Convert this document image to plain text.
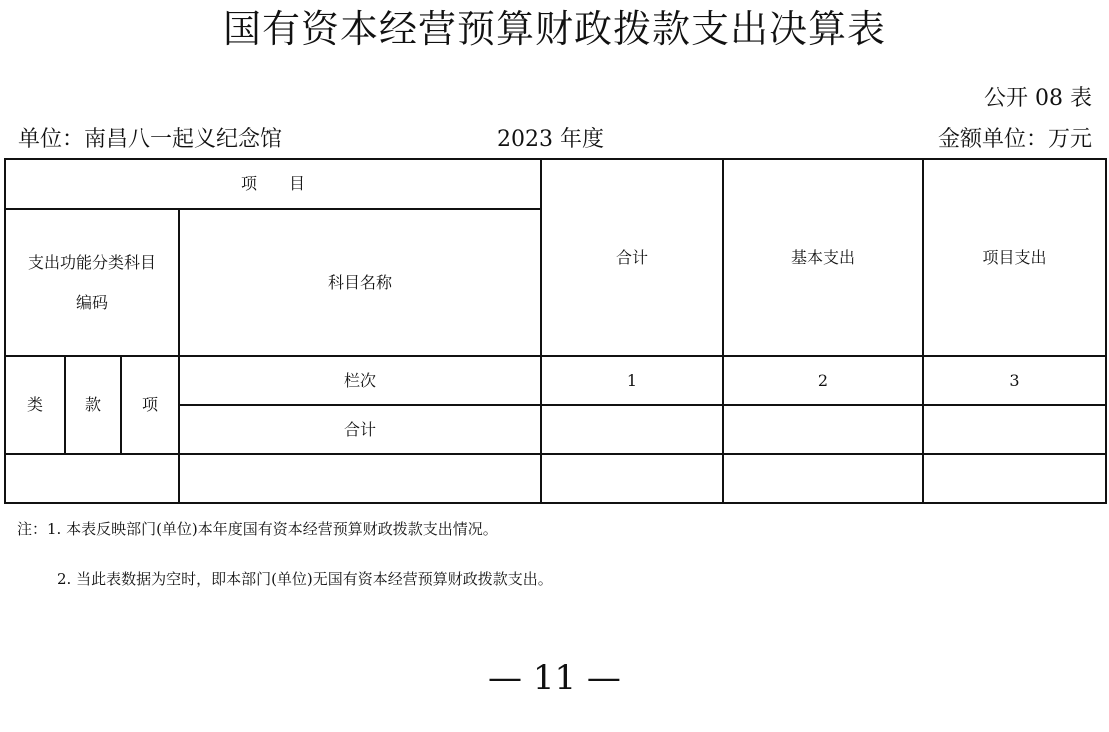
国有资本经营预算财政拨款支出决算表
公开 08 表
单位：南昌八一起义纪念馆	2023 年度	金额单位：万元
项　　目				合计	基本支出	项目支出
支出功能分类科目编码			科目名称			
类	款	项	栏次	1	2	3
			合计			

注：1. 本表反映部门(单位)本年度国有资本经营预算财政拨款支出情况。
2. 当此表数据为空时，即本部门(单位)无国有资本经营预算财政拨款支出。
— 11 —
